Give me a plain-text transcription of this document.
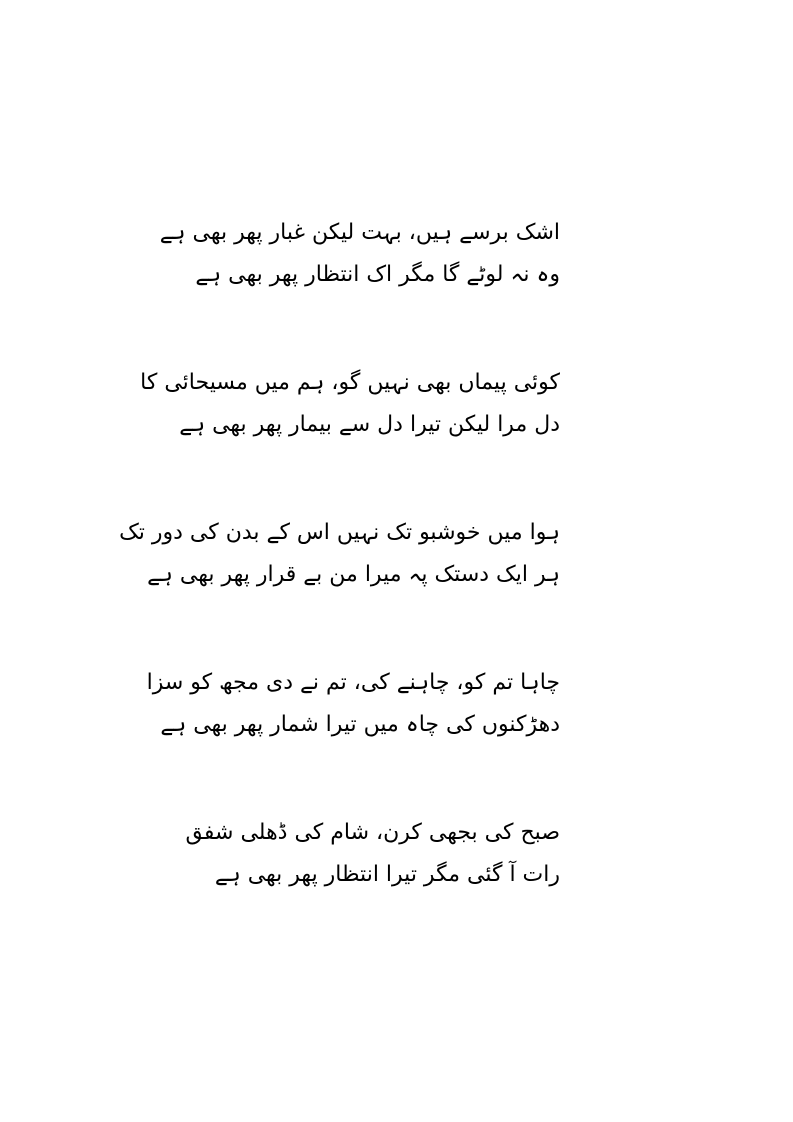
اشک برسے ہیں، بہت لیکن غبار پھر بھی ہے
وہ نہ لوٹے گا مگر اک انتظار پھر بھی ہے
کوئی پیماں بھی نہیں گو، ہم میں مسیحائی کا
دل مرا لیکن تیرا دل سے بیمار پھر بھی ہے
ہوا میں خوشبو تک نہیں اس کے بدن کی دور تک
ہر ایک دستک پہ میرا من بے قرار پھر بھی ہے
چاہا تم کو، چاہنے کی، تم نے دی مجھ کو سزا
دھڑکنوں کی چاہ میں تیرا شمار پھر بھی ہے
صبح کی بجھی کرن، شام کی ڈھلی شفق
رات آ گئی مگر تیرا انتظار پھر بھی ہے
